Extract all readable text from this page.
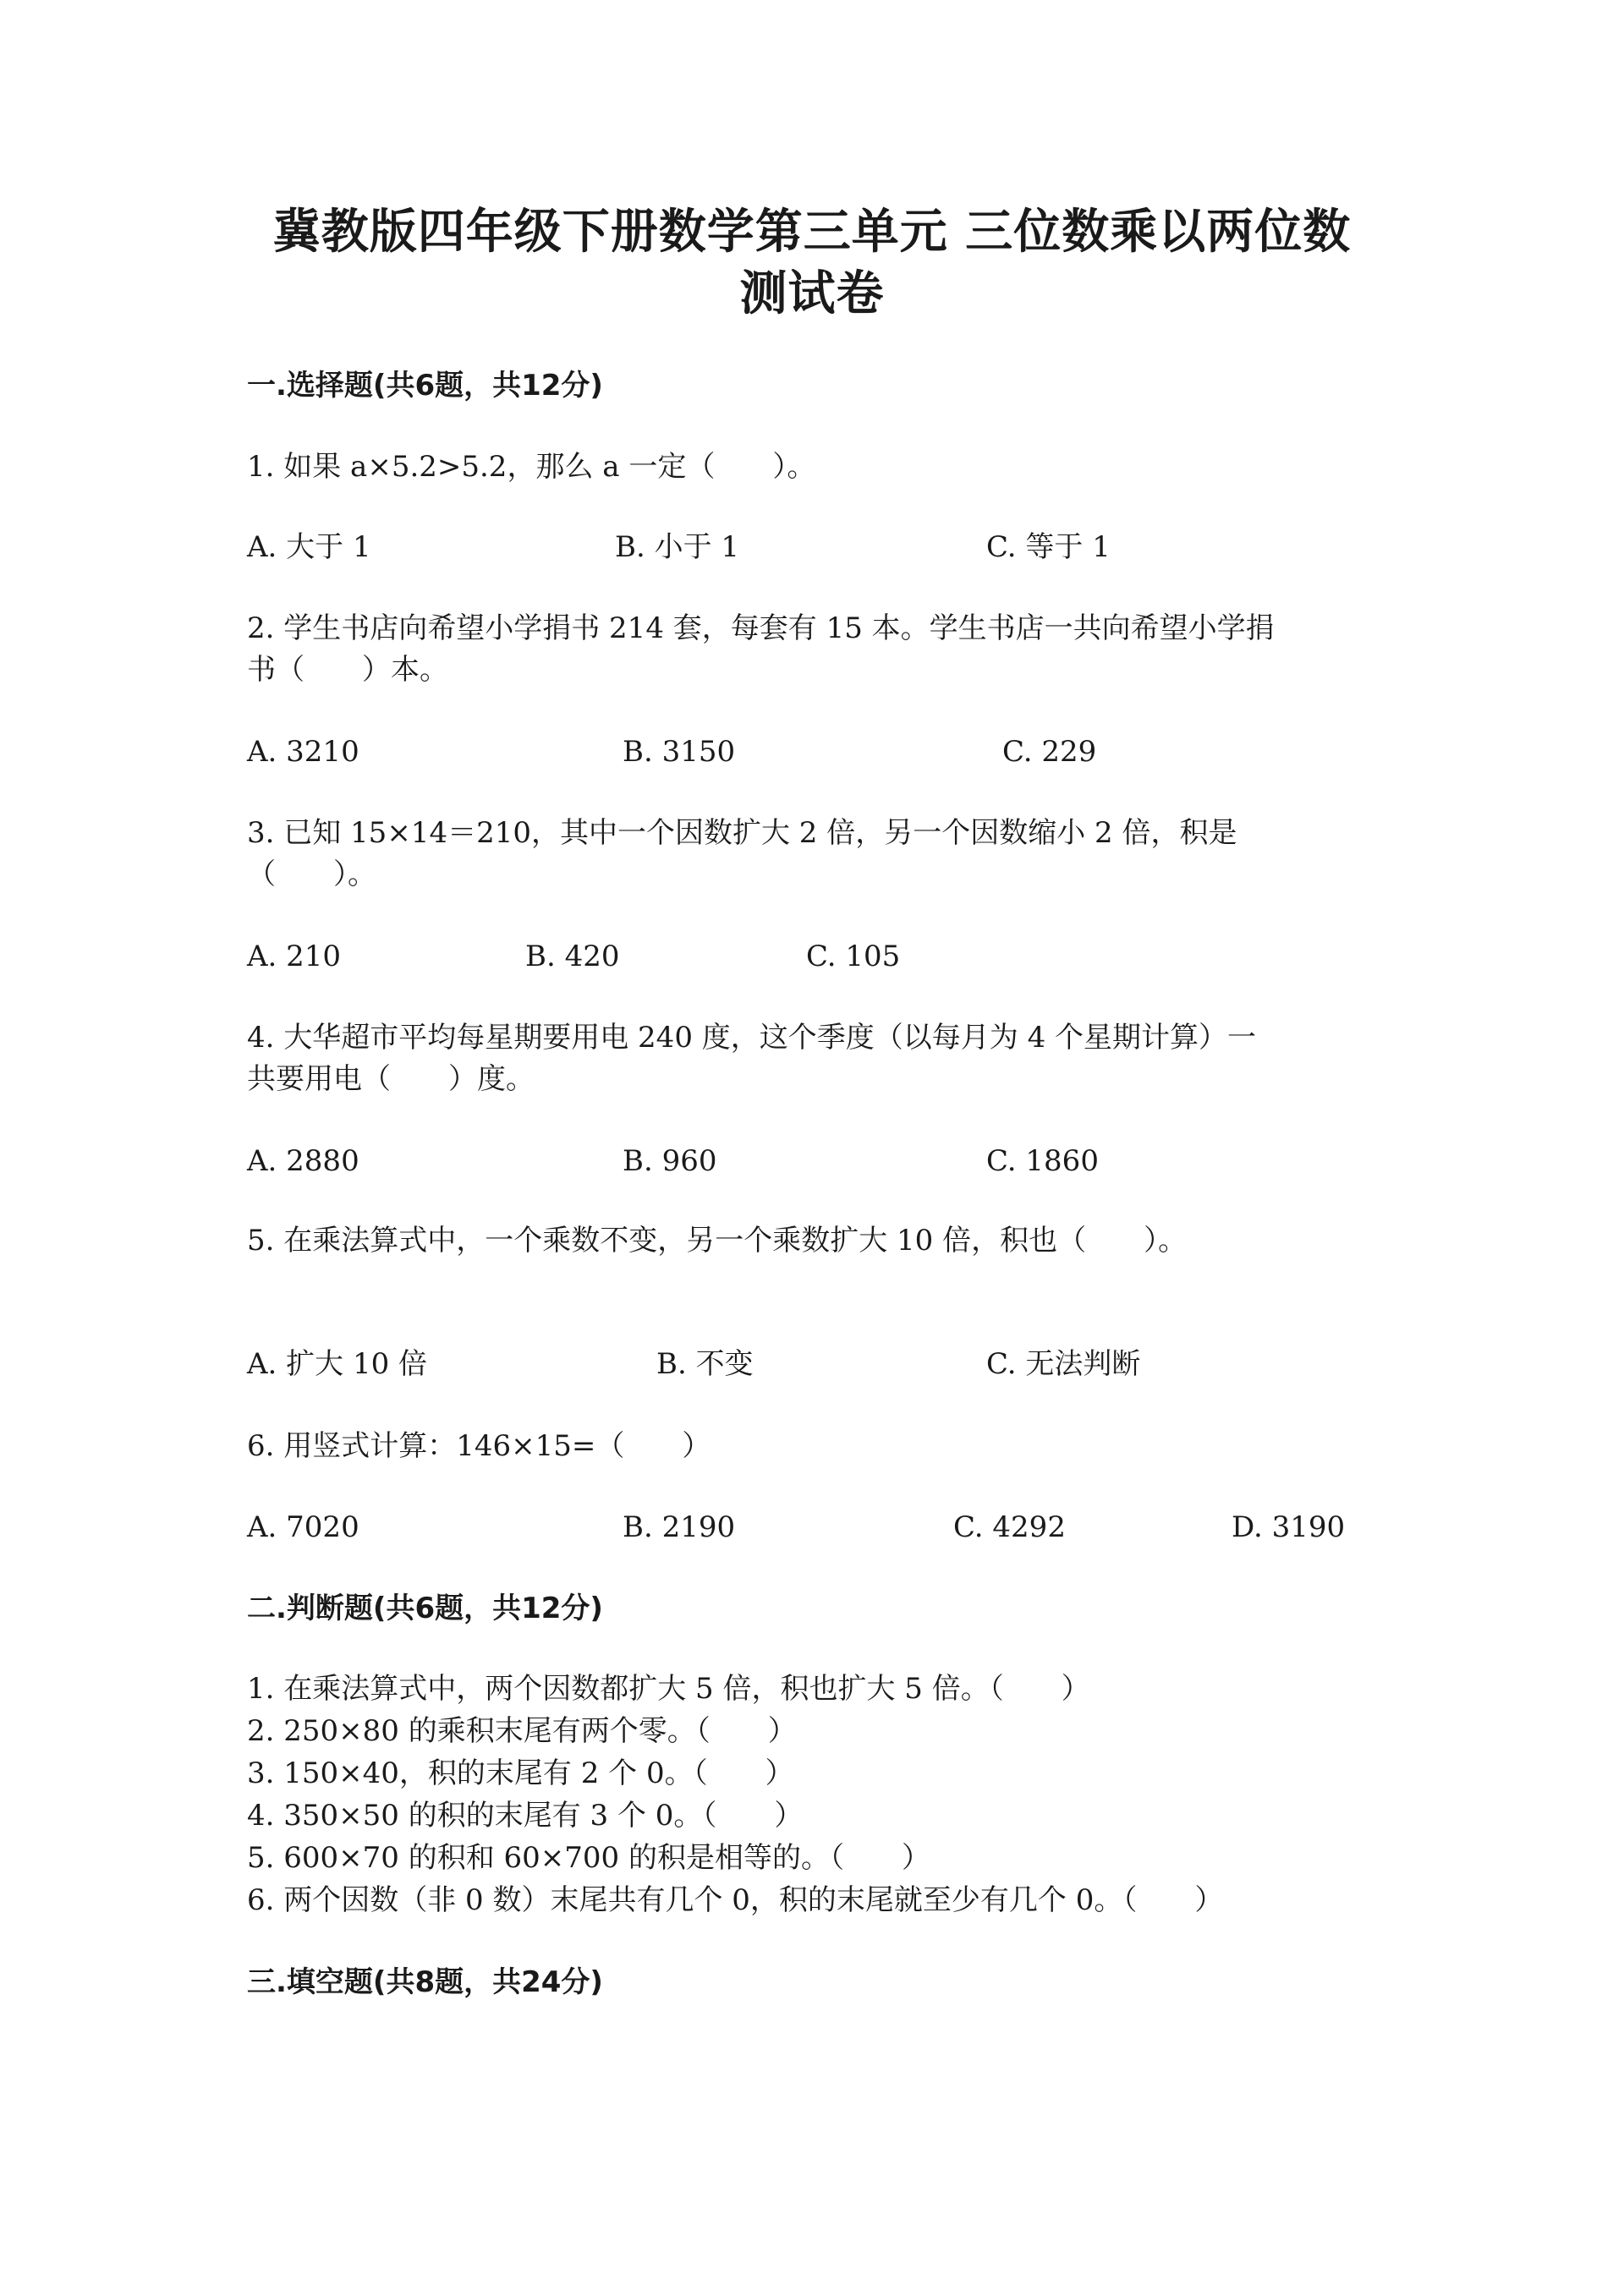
冀教版四年级下册数学第三单元 三位数乘以两位数
测试卷
一.选择题(共6题，共12分)
1. 如果 a×5.2>5.2，那么 a 一定（　　）。
A. 大于 1	B. 小于 1	C. 等于 1
2. 学生书店向希望小学捐书 214 套，每套有 15 本。学生书店一共向希望小学捐
书（　　）本。
A. 3210	B. 3150	C. 229
3. 已知 15×14＝210，其中一个因数扩大 2 倍，另一个因数缩小 2 倍，积是
（　　）。
A. 210	B. 420	C. 105
4. 大华超市平均每星期要用电 240 度，这个季度（以每月为 4 个星期计算）一
共要用电（　　）度。
A. 2880	B. 960	C. 1860
5. 在乘法算式中，一个乘数不变，另一个乘数扩大 10 倍，积也（　　）。
A. 扩大 10 倍	B. 不变	C. 无法判断
6. 用竖式计算：146×15=（　　）
A. 7020	B. 2190	C. 4292	D. 3190
二.判断题(共6题，共12分)
1. 在乘法算式中，两个因数都扩大 5 倍，积也扩大 5 倍。（　　）
2. 250×80 的乘积末尾有两个零。（　　）
3. 150×40，积的末尾有 2 个 0。（　　）
4. 350×50 的积的末尾有 3 个 0。（　　）
5. 600×70 的积和 60×700 的积是相等的。（　　）
6. 两个因数（非 0 数）末尾共有几个 0，积的末尾就至少有几个 0。（　　）
三.填空题(共8题，共24分)
